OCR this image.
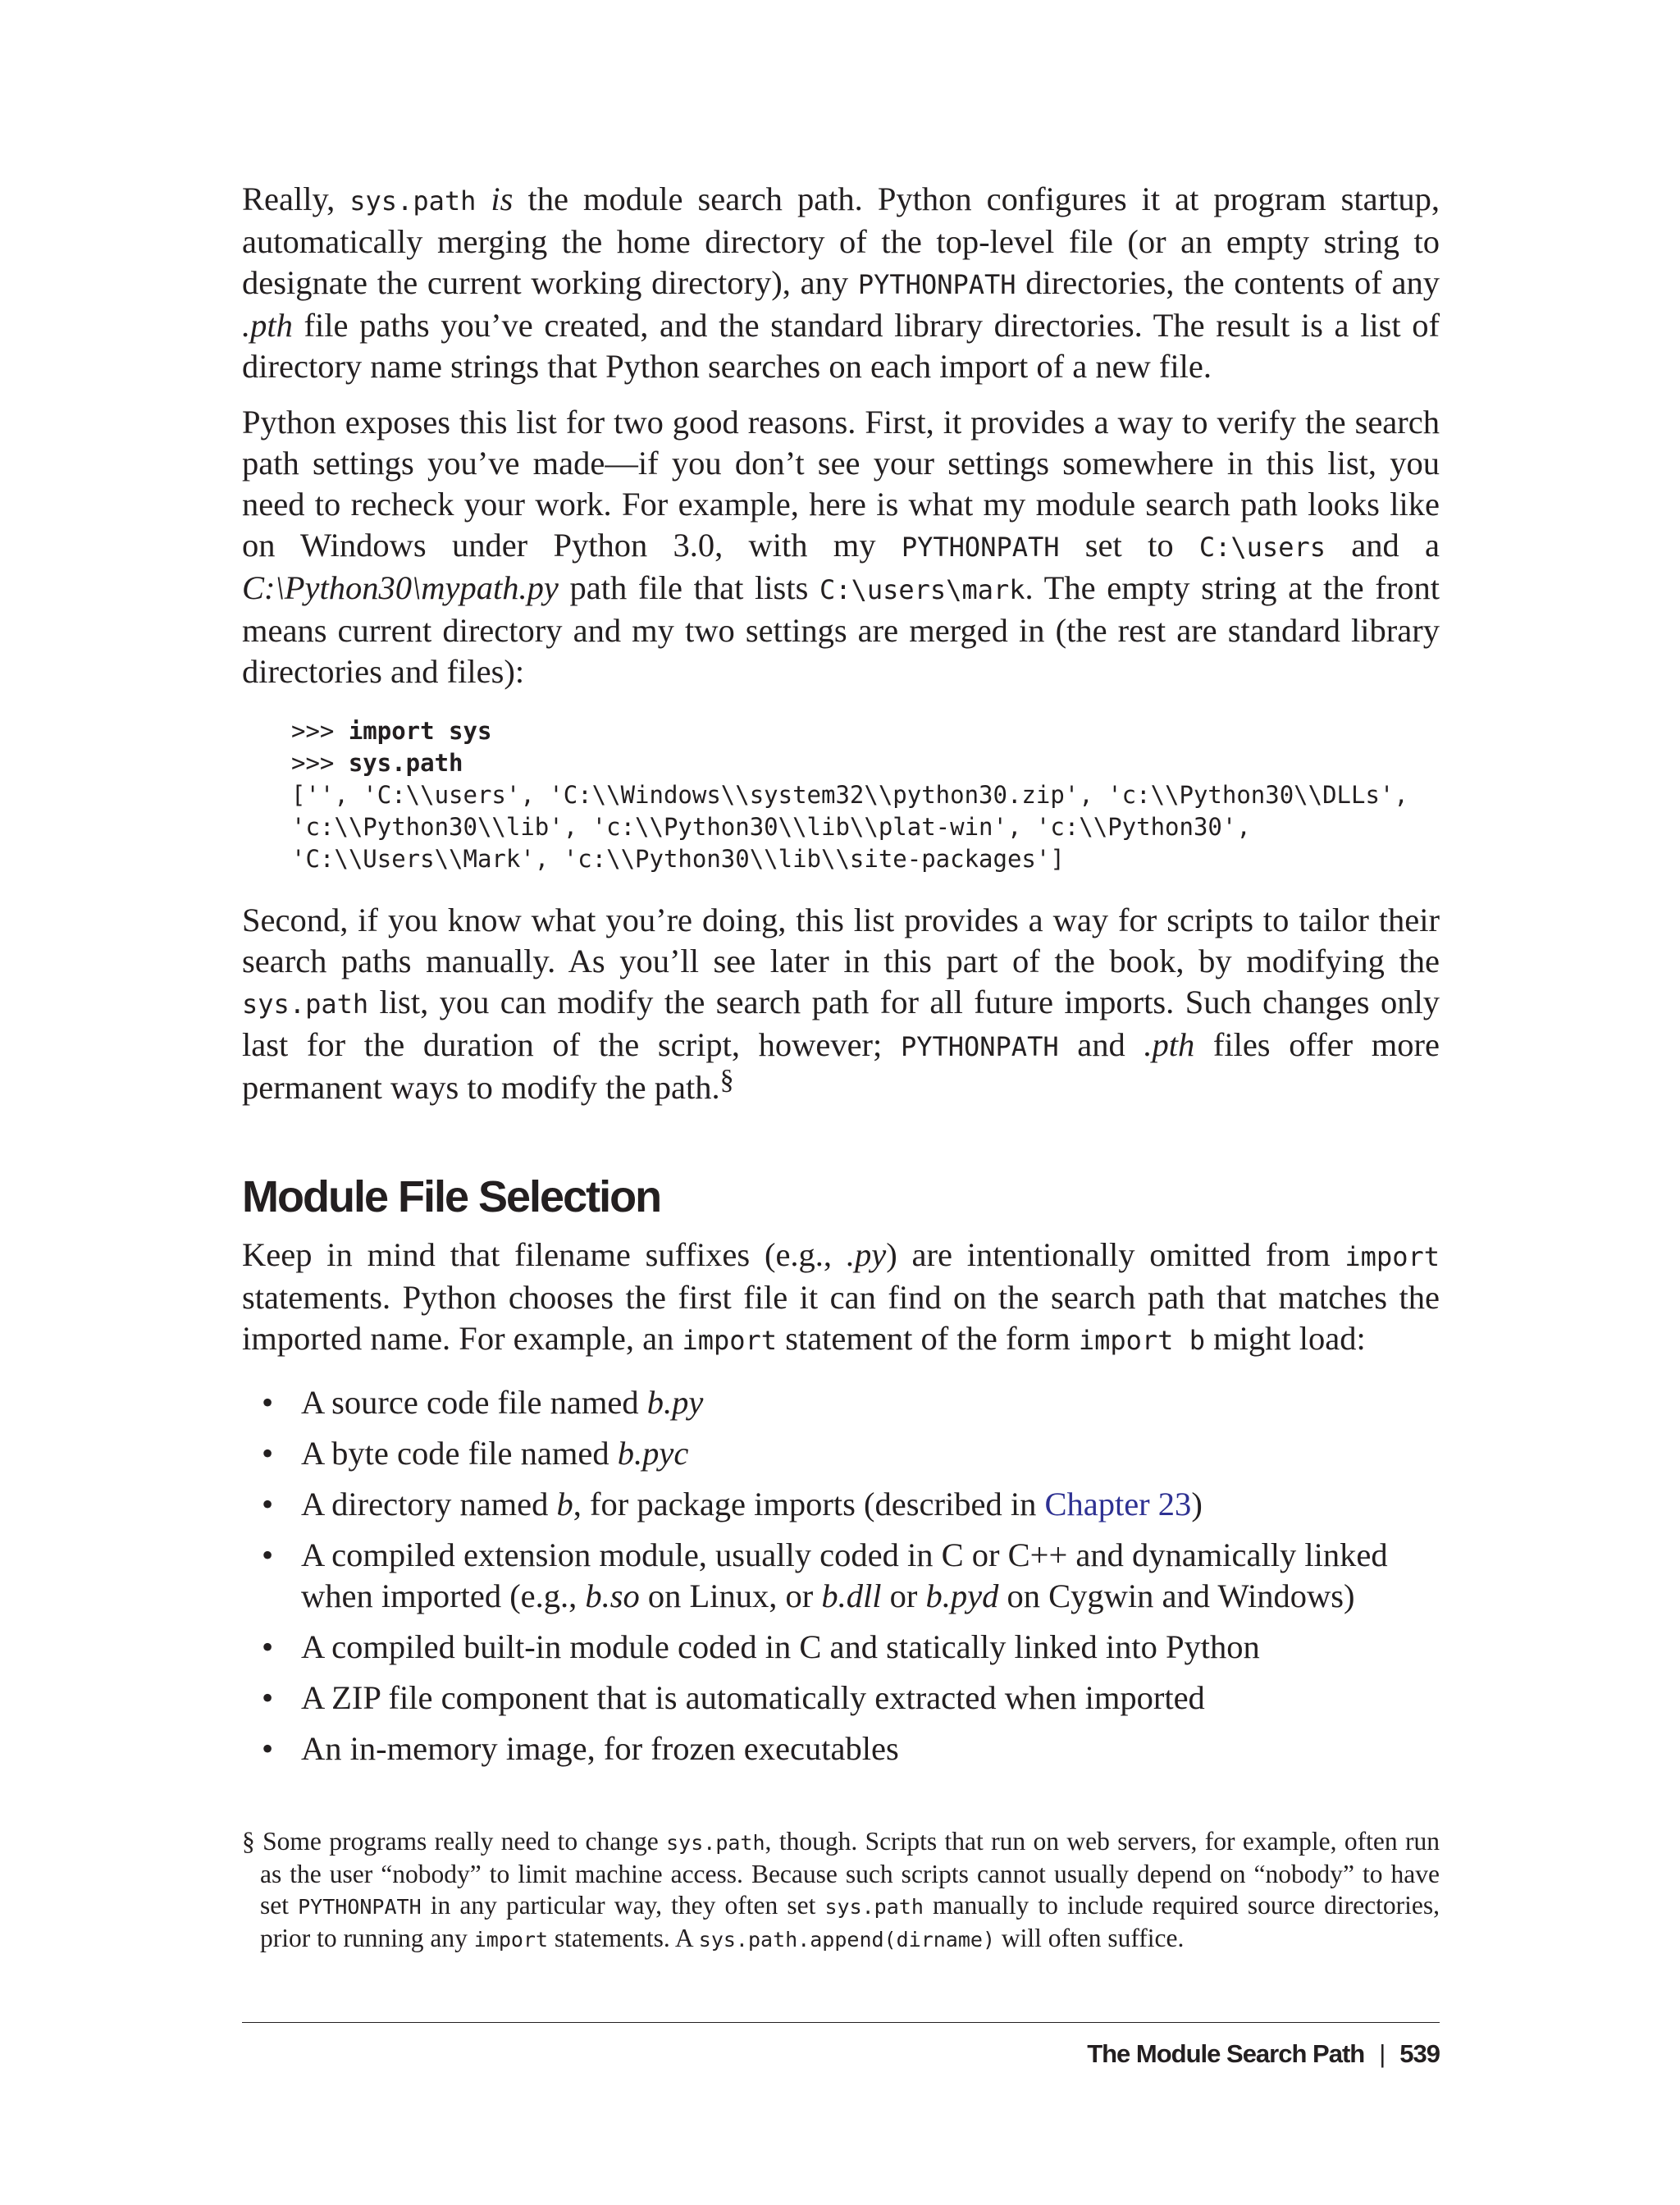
Really, sys.path is the module search path. Python configures it at program startup, automatically merging the home directory of the top-level file (or an empty string to designate the current working directory), any PYTHONPATH directories, the contents of any .pth file paths you’ve created, and the standard library directories. The result is a list of directory name strings that Python searches on each import of a new file.

Python exposes this list for two good reasons. First, it provides a way to verify the search path settings you’ve made—if you don’t see your settings somewhere in this list, you need to recheck your work. For example, here is what my module search path looks like on Windows under Python 3.0, with my PYTHONPATH set to C:\users and a C:\Python30\mypath.py path file that lists C:\users\mark. The empty string at the front means current directory and my two settings are merged in (the rest are standard library directories and files):

>>> import sys
>>> sys.path
['', 'C:\\users', 'C:\\Windows\\system32\\python30.zip', 'c:\\Python30\\DLLs',
'c:\\Python30\\lib', 'c:\\Python30\\lib\\plat-win', 'c:\\Python30',
'C:\\Users\\Mark', 'c:\\Python30\\lib\\site-packages']

Second, if you know what you’re doing, this list provides a way for scripts to tailor their search paths manually. As you’ll see later in this part of the book, by modifying the sys.path list, you can modify the search path for all future imports. Such changes only last for the duration of the script, however; PYTHONPATH and .pth files offer more permanent ways to modify the path.§

Module File Selection

Keep in mind that filename suffixes (e.g., .py) are intentionally omitted from import statements. Python chooses the first file it can find on the search path that matches the imported name. For example, an import statement of the form import b might load:

• A source code file named b.py
• A byte code file named b.pyc
• A directory named b, for package imports (described in Chapter 23)
• A compiled extension module, usually coded in C or C++ and dynamically linked when imported (e.g., b.so on Linux, or b.dll or b.pyd on Cygwin and Windows)
• A compiled built-in module coded in C and statically linked into Python
• A ZIP file component that is automatically extracted when imported
• An in-memory image, for frozen executables
§ Some programs really need to change sys.path, though. Scripts that run on web servers, for example, often run as the user “nobody” to limit machine access. Because such scripts cannot usually depend on “nobody” to have set PYTHONPATH in any particular way, they often set sys.path manually to include required source directories, prior to running any import statements. A sys.path.append(dirname) will often suffice.
The Module Search Path | 539
